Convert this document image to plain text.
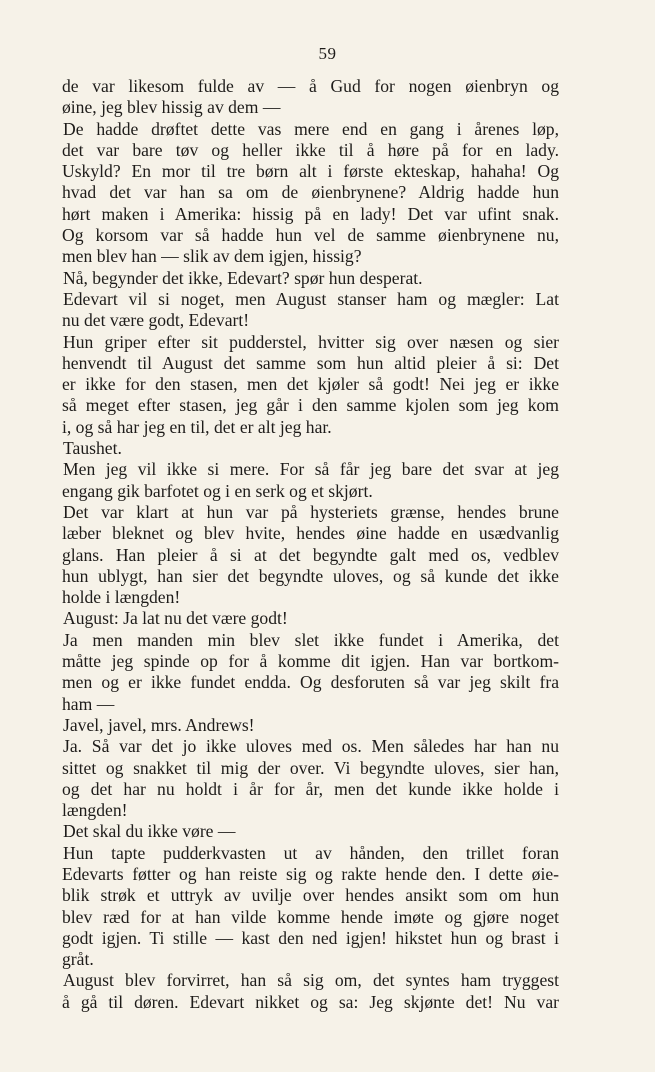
59
de var likesom fulde av — å Gud for nogen øienbryn og
øine, jeg blev hissig av dem —
De hadde drøftet dette vas mere end en gang i årenes løp,
det var bare tøv og heller ikke til å høre på for en lady.
Uskyld? En mor til tre børn alt i første ekteskap, hahaha! Og
hvad det var han sa om de øienbrynene? Aldrig hadde hun
hørt maken i Amerika: hissig på en lady! Det var ufint snak.
Og korsom var så hadde hun vel de samme øienbrynene nu,
men blev han — slik av dem igjen, hissig?
Nå, begynder det ikke, Edevart? spør hun desperat.
Edevart vil si noget, men August stanser ham og mægler: Lat
nu det være godt, Edevart!
Hun griper efter sit pudderstel, hvitter sig over næsen og sier
henvendt til August det samme som hun altid pleier å si: Det
er ikke for den stasen, men det kjøler så godt! Nei jeg er ikke
så meget efter stasen, jeg går i den samme kjolen som jeg kom
i, og så har jeg en til, det er alt jeg har.
Taushet.
Men jeg vil ikke si mere. For så får jeg bare det svar at jeg
engang gik barfotet og i en serk og et skjørt.
Det var klart at hun var på hysteriets grænse, hendes brune
læber bleknet og blev hvite, hendes øine hadde en usædvanlig
glans. Han pleier å si at det begyndte galt med os, vedblev
hun ublygt, han sier det begyndte uloves, og så kunde det ikke
holde i længden!
August: Ja lat nu det være godt!
Ja men manden min blev slet ikke fundet i Amerika, det
måtte jeg spinde op for å komme dit igjen. Han var bortkom-
men og er ikke fundet endda. Og desforuten så var jeg skilt fra
ham —
Javel, javel, mrs. Andrews!
Ja. Så var det jo ikke uloves med os. Men således har han nu
sittet og snakket til mig der over. Vi begyndte uloves, sier han,
og det har nu holdt i år for år, men det kunde ikke holde i
længden!
Det skal du ikke vøre —
Hun tapte pudderkvasten ut av hånden, den trillet foran
Edevarts føtter og han reiste sig og rakte hende den. I dette øie-
blik strøk et uttryk av uvilje over hendes ansikt som om hun
blev ræd for at han vilde komme hende imøte og gjøre noget
godt igjen. Ti stille — kast den ned igjen! hikstet hun og brast i
gråt.
August blev forvirret, han så sig om, det syntes ham tryggest
å gå til døren. Edevart nikket og sa: Jeg skjønte det! Nu var
